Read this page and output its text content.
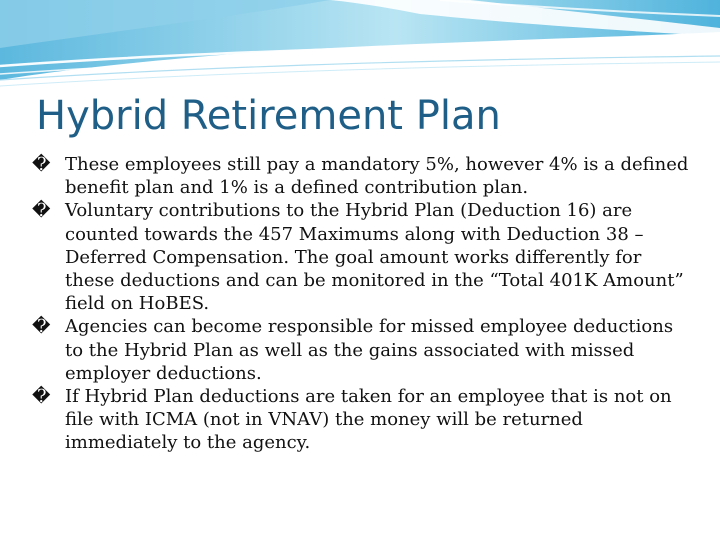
Hybrid Retirement Plan
� These employees still pay a mandatory 5%, however 4% is a defined benefit plan and 1% is a defined contribution plan.
� Voluntary contributions to the Hybrid Plan (Deduction 16) are counted towards the 457 Maximums along with Deduction 38 – Deferred Compensation. The goal amount works differently for these deductions and can be monitored in the “Total 401K Amount” field on HoBES.
� Agencies can become responsible for missed employee deductions to the Hybrid Plan as well as the gains associated with missed employer deductions.
� If Hybrid Plan deductions are taken for an employee that is not on file with ICMA (not in VNAV) the money will be returned immediately to the agency.
